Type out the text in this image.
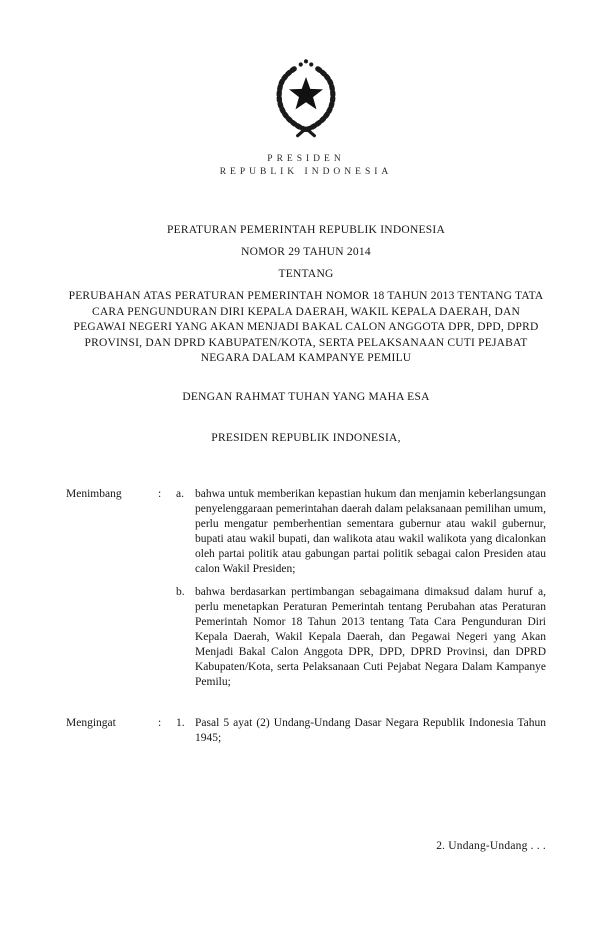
PRESIDEN
REPUBLIK INDONESIA
PERATURAN PEMERINTAH REPUBLIK INDONESIA
NOMOR 29 TAHUN 2014
TENTANG
PERUBAHAN ATAS PERATURAN PEMERINTAH NOMOR 18 TAHUN 2013 TENTANG TATA CARA PENGUNDURAN DIRI KEPALA DAERAH, WAKIL KEPALA DAERAH, DAN PEGAWAI NEGERI YANG AKAN MENJADI BAKAL CALON ANGGOTA DPR, DPD, DPRD PROVINSI, DAN DPRD KABUPATEN/KOTA, SERTA PELAKSANAAN CUTI PEJABAT NEGARA DALAM KAMPANYE PEMILU
DENGAN RAHMAT TUHAN YANG MAHA ESA
PRESIDEN REPUBLIK INDONESIA,
Menimbang	:	a. bahwa untuk memberikan kepastian hukum dan menjamin keberlangsungan penyelenggaraan pemerintahan daerah dalam pelaksanaan pemilihan umum, perlu mengatur pemberhentian sementara gubernur atau wakil gubernur, bupati atau wakil bupati, dan walikota atau wakil walikota yang dicalonkan oleh partai politik atau gabungan partai politik sebagai calon Presiden atau calon Wakil Presiden;
b. bahwa berdasarkan pertimbangan sebagaimana dimaksud dalam huruf a, perlu menetapkan Peraturan Pemerintah tentang Perubahan atas Peraturan Pemerintah Nomor 18 Tahun 2013 tentang Tata Cara Pengunduran Diri Kepala Daerah, Wakil Kepala Daerah, dan Pegawai Negeri yang Akan Menjadi Bakal Calon Anggota DPR, DPD, DPRD Provinsi, dan DPRD Kabupaten/Kota, serta Pelaksanaan Cuti Pejabat Negara Dalam Kampanye Pemilu;
Mengingat	:	1. Pasal 5 ayat (2) Undang-Undang Dasar Negara Republik Indonesia Tahun 1945;
2. Undang-Undang . . .
